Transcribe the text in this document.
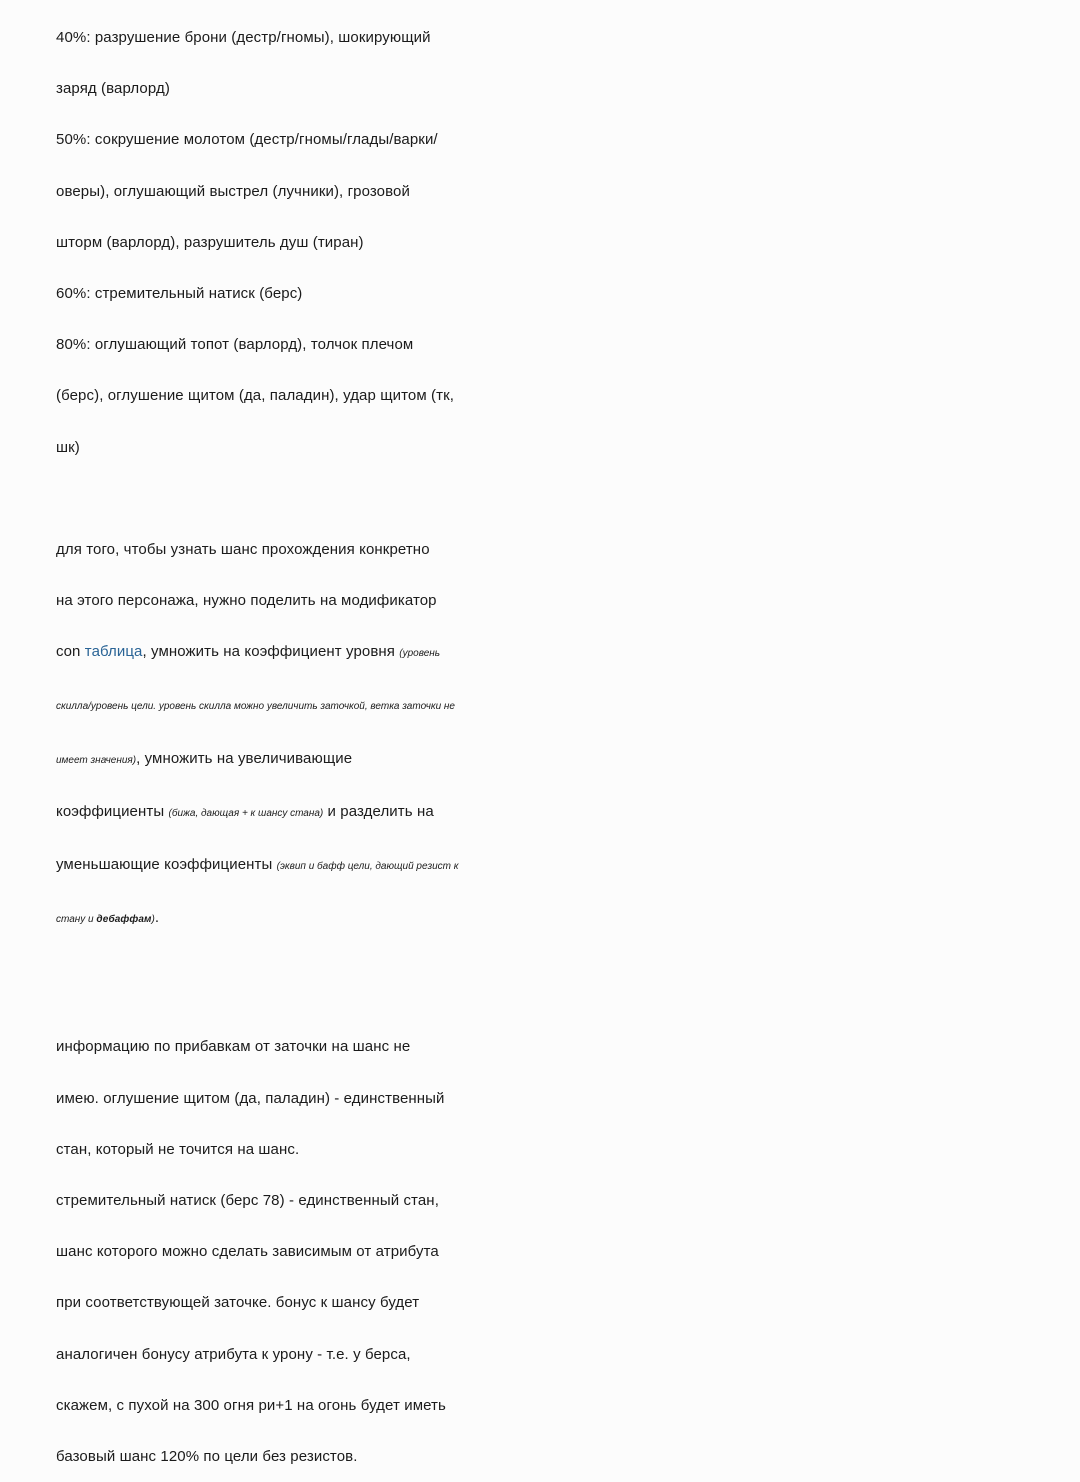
40%: разрушение брони (дестр/гномы), шокирующий
заряд (варлорд)
50%: сокрушение молотом (дестр/гномы/глады/варки/
оверы), оглушающий выстрел (лучники), грозовой
шторм (варлорд), разрушитель душ (тиран)
60%: стремительный натиск (берс)
80%: оглушающий топот (варлорд), толчок плечом
(берс), оглушение щитом (да, паладин), удар щитом (тк,
шк)

для того, чтобы узнать шанс прохождения конкретно
на этого персонажа, нужно поделить на модификатор
con таблица, умножить на коэффициент уровня (уровень
скилла/уровень цели. уровень скилла можно увеличить заточкой, ветка заточки не
имеет значения), умножить на увеличивающие
коэффициенты (бижа, дающая + к шансу стана) и разделить на
уменьшающие коэффициенты (эквип и бафф цели, дающий резист к
стану и дебаффам).

информацию по прибавкам от заточки на шанс не
имею. оглушение щитом (да, паладин) - единственный
стан, который не точится на шанс.
стремительный натиск (берс 78) - единственный стан,
шанс которого можно сделать зависимым от атрибута
при соответствующей заточке. бонус к шансу будет
аналогичен бонусу атрибута к урону - т.е. у берса,
скажем, с пухой на 300 огня ри+1 на огонь будет иметь
базовый шанс 120% по цели без резистов.
